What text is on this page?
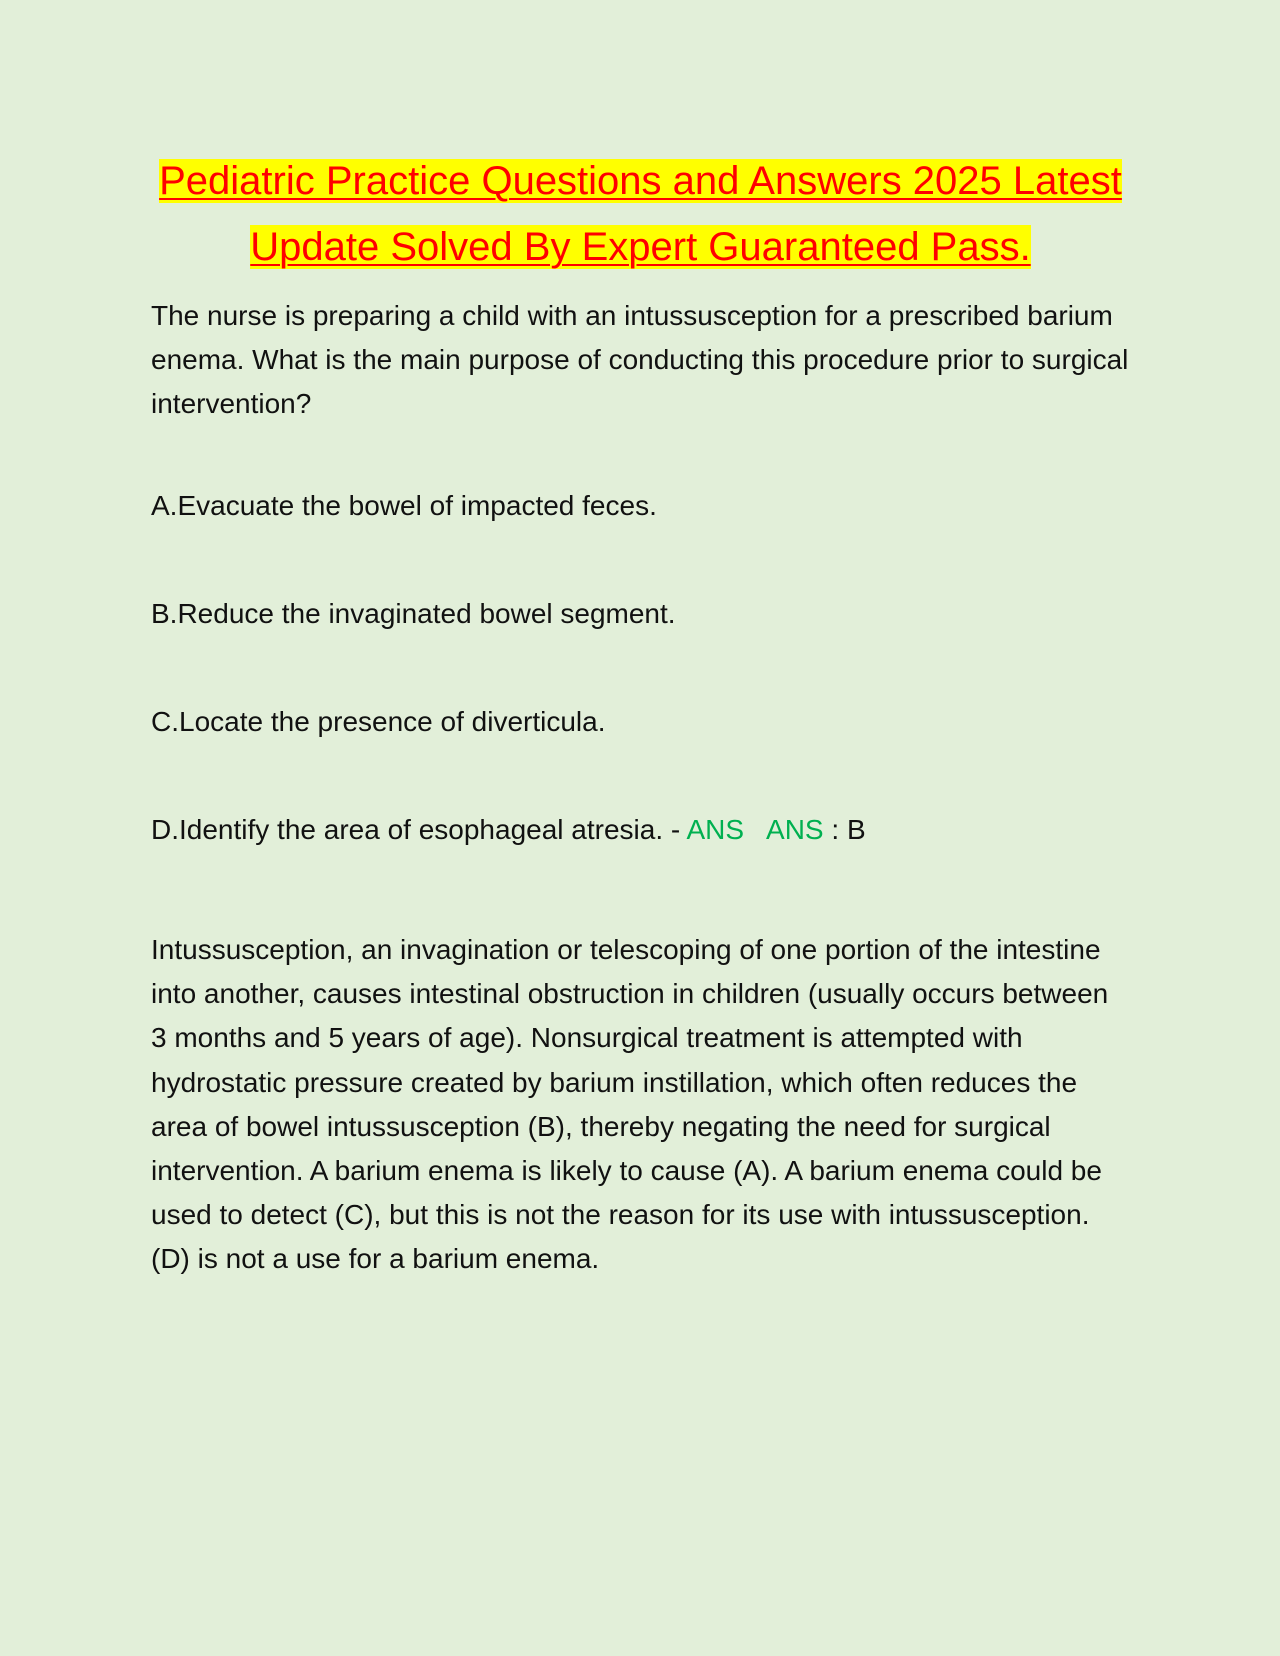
Pediatric Practice Questions and Answers 2025 Latest Update Solved By Expert Guaranteed Pass.

The nurse is preparing a child with an intussusception for a prescribed barium enema. What is the main purpose of conducting this procedure prior to surgical intervention?

A.Evacuate the bowel of impacted feces.

B.Reduce the invaginated bowel segment.

C.Locate the presence of diverticula.

D.Identify the area of esophageal atresia. - ANS ANS : B

Intussusception, an invagination or telescoping of one portion of the intestine into another, causes intestinal obstruction in children (usually occurs between 3 months and 5 years of age). Nonsurgical treatment is attempted with hydrostatic pressure created by barium instillation, which often reduces the area of bowel intussusception (B), thereby negating the need for surgical intervention. A barium enema is likely to cause (A). A barium enema could be used to detect (C), but this is not the reason for its use with intussusception. (D) is not a use for a barium enema.
